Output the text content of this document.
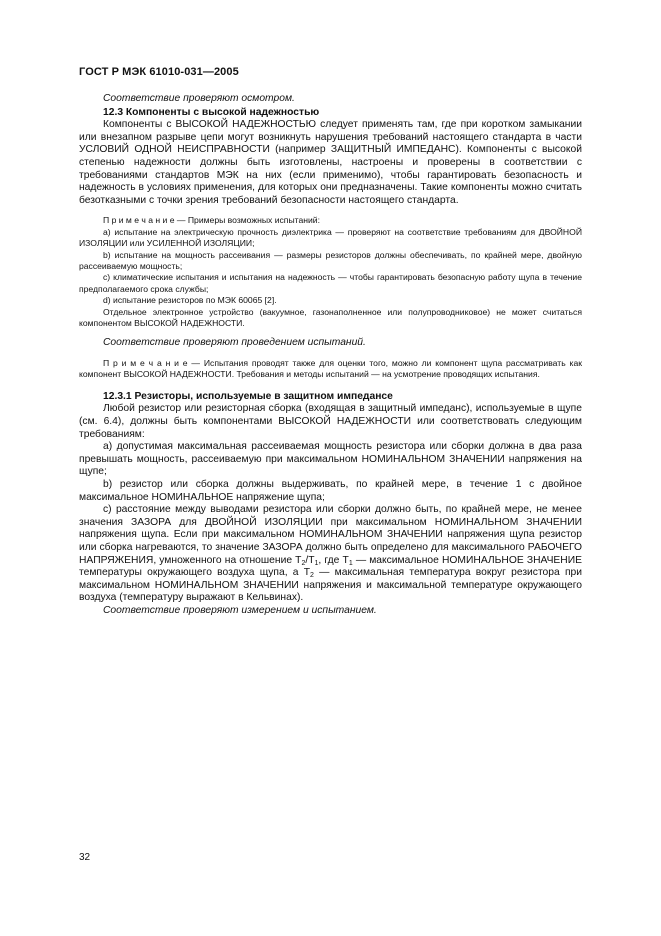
ГОСТ Р МЭК 61010-031—2005

Соответствие проверяют осмотром.

12.3 Компоненты с высокой надежностью

Компоненты с ВЫСОКОЙ НАДЕЖНОСТЬЮ следует применять там, где при коротком замыкании или внезапном разрыве цепи могут возникнуть нарушения требований настоящего стандарта в части УСЛОВИЙ ОДНОЙ НЕИСПРАВНОСТИ (например ЗАЩИТНЫЙ ИМПЕДАНС). Компоненты с высокой степенью надежности должны быть изготовлены, настроены и проверены в соответствии с требованиями стандартов МЭК на них (если применимо), чтобы гарантировать безопасность и надежность в условиях применения, для которых они предназначены. Такие компоненты можно считать безотказными с точки зрения требований безопасности настоящего стандарта.

П р и м е ч а н и е — Примеры возможных испытаний:

а) испытание на электрическую прочность диэлектрика — проверяют на соответствие требованиям для ДВОЙНОЙ ИЗОЛЯЦИИ или УСИЛЕННОЙ ИЗОЛЯЦИИ;

b) испытание на мощность рассеивания — размеры резисторов должны обеспечивать, по крайней мере, двойную рассеиваемую мощность;

с) климатические испытания и испытания на надежность — чтобы гарантировать безопасную работу щупа в течение предполагаемого срока службы;

d) испытание резисторов по МЭК 60065 [2].

Отдельное электронное устройство (вакуумное, газонаполненное или полупроводниковое) не может считаться компонентом ВЫСОКОЙ НАДЕЖНОСТИ.

Соответствие проверяют проведением испытаний.

П р и м е ч а н и е — Испытания проводят также для оценки того, можно ли компонент щупа рассматривать как компонент ВЫСОКОЙ НАДЕЖНОСТИ. Требования и методы испытаний — на усмотрение проводящих испытания.

12.3.1 Резисторы, используемые в защитном импедансе

Любой резистор или резисторная сборка (входящая в защитный импеданс), используемые в щупе (см. 6.4), должны быть компонентами ВЫСОКОЙ НАДЕЖНОСТИ или соответствовать следующим требованиям:

а) допустимая максимальная рассеиваемая мощность резистора или сборки должна в два раза превышать мощность, рассеиваемую при максимальном НОМИНАЛЬНОМ ЗНАЧЕНИИ напряжения на щупе;

b) резистор или сборка должны выдерживать, по крайней мере, в течение 1 с двойное максимальное НОМИНАЛЬНОЕ напряжение щупа;

с) расстояние между выводами резистора или сборки должно быть, по крайней мере, не менее значения ЗАЗОРА для ДВОЙНОЙ ИЗОЛЯЦИИ при максимальном НОМИНАЛЬНОМ ЗНАЧЕНИИ напряжения щупа. Если при максимальном НОМИНАЛЬНОМ ЗНАЧЕНИИ напряжения щупа резистор или сборка нагреваются, то значение ЗАЗОРА должно быть определено для максимального РАБОЧЕГО НАПРЯЖЕНИЯ, умноженного на отношение $T_2/T_1$, где $T_1$ — максимальное НОМИНАЛЬНОЕ ЗНАЧЕНИЕ температуры окружающего воздуха щупа, а $T_2$ — максимальная температура вокруг резистора при максимальном НОМИНАЛЬНОМ ЗНАЧЕНИИ напряжения и максимальной температуре окружающего воздуха (температуру выражают в Кельвинах).

Соответствие проверяют измерением и испытанием.

32
